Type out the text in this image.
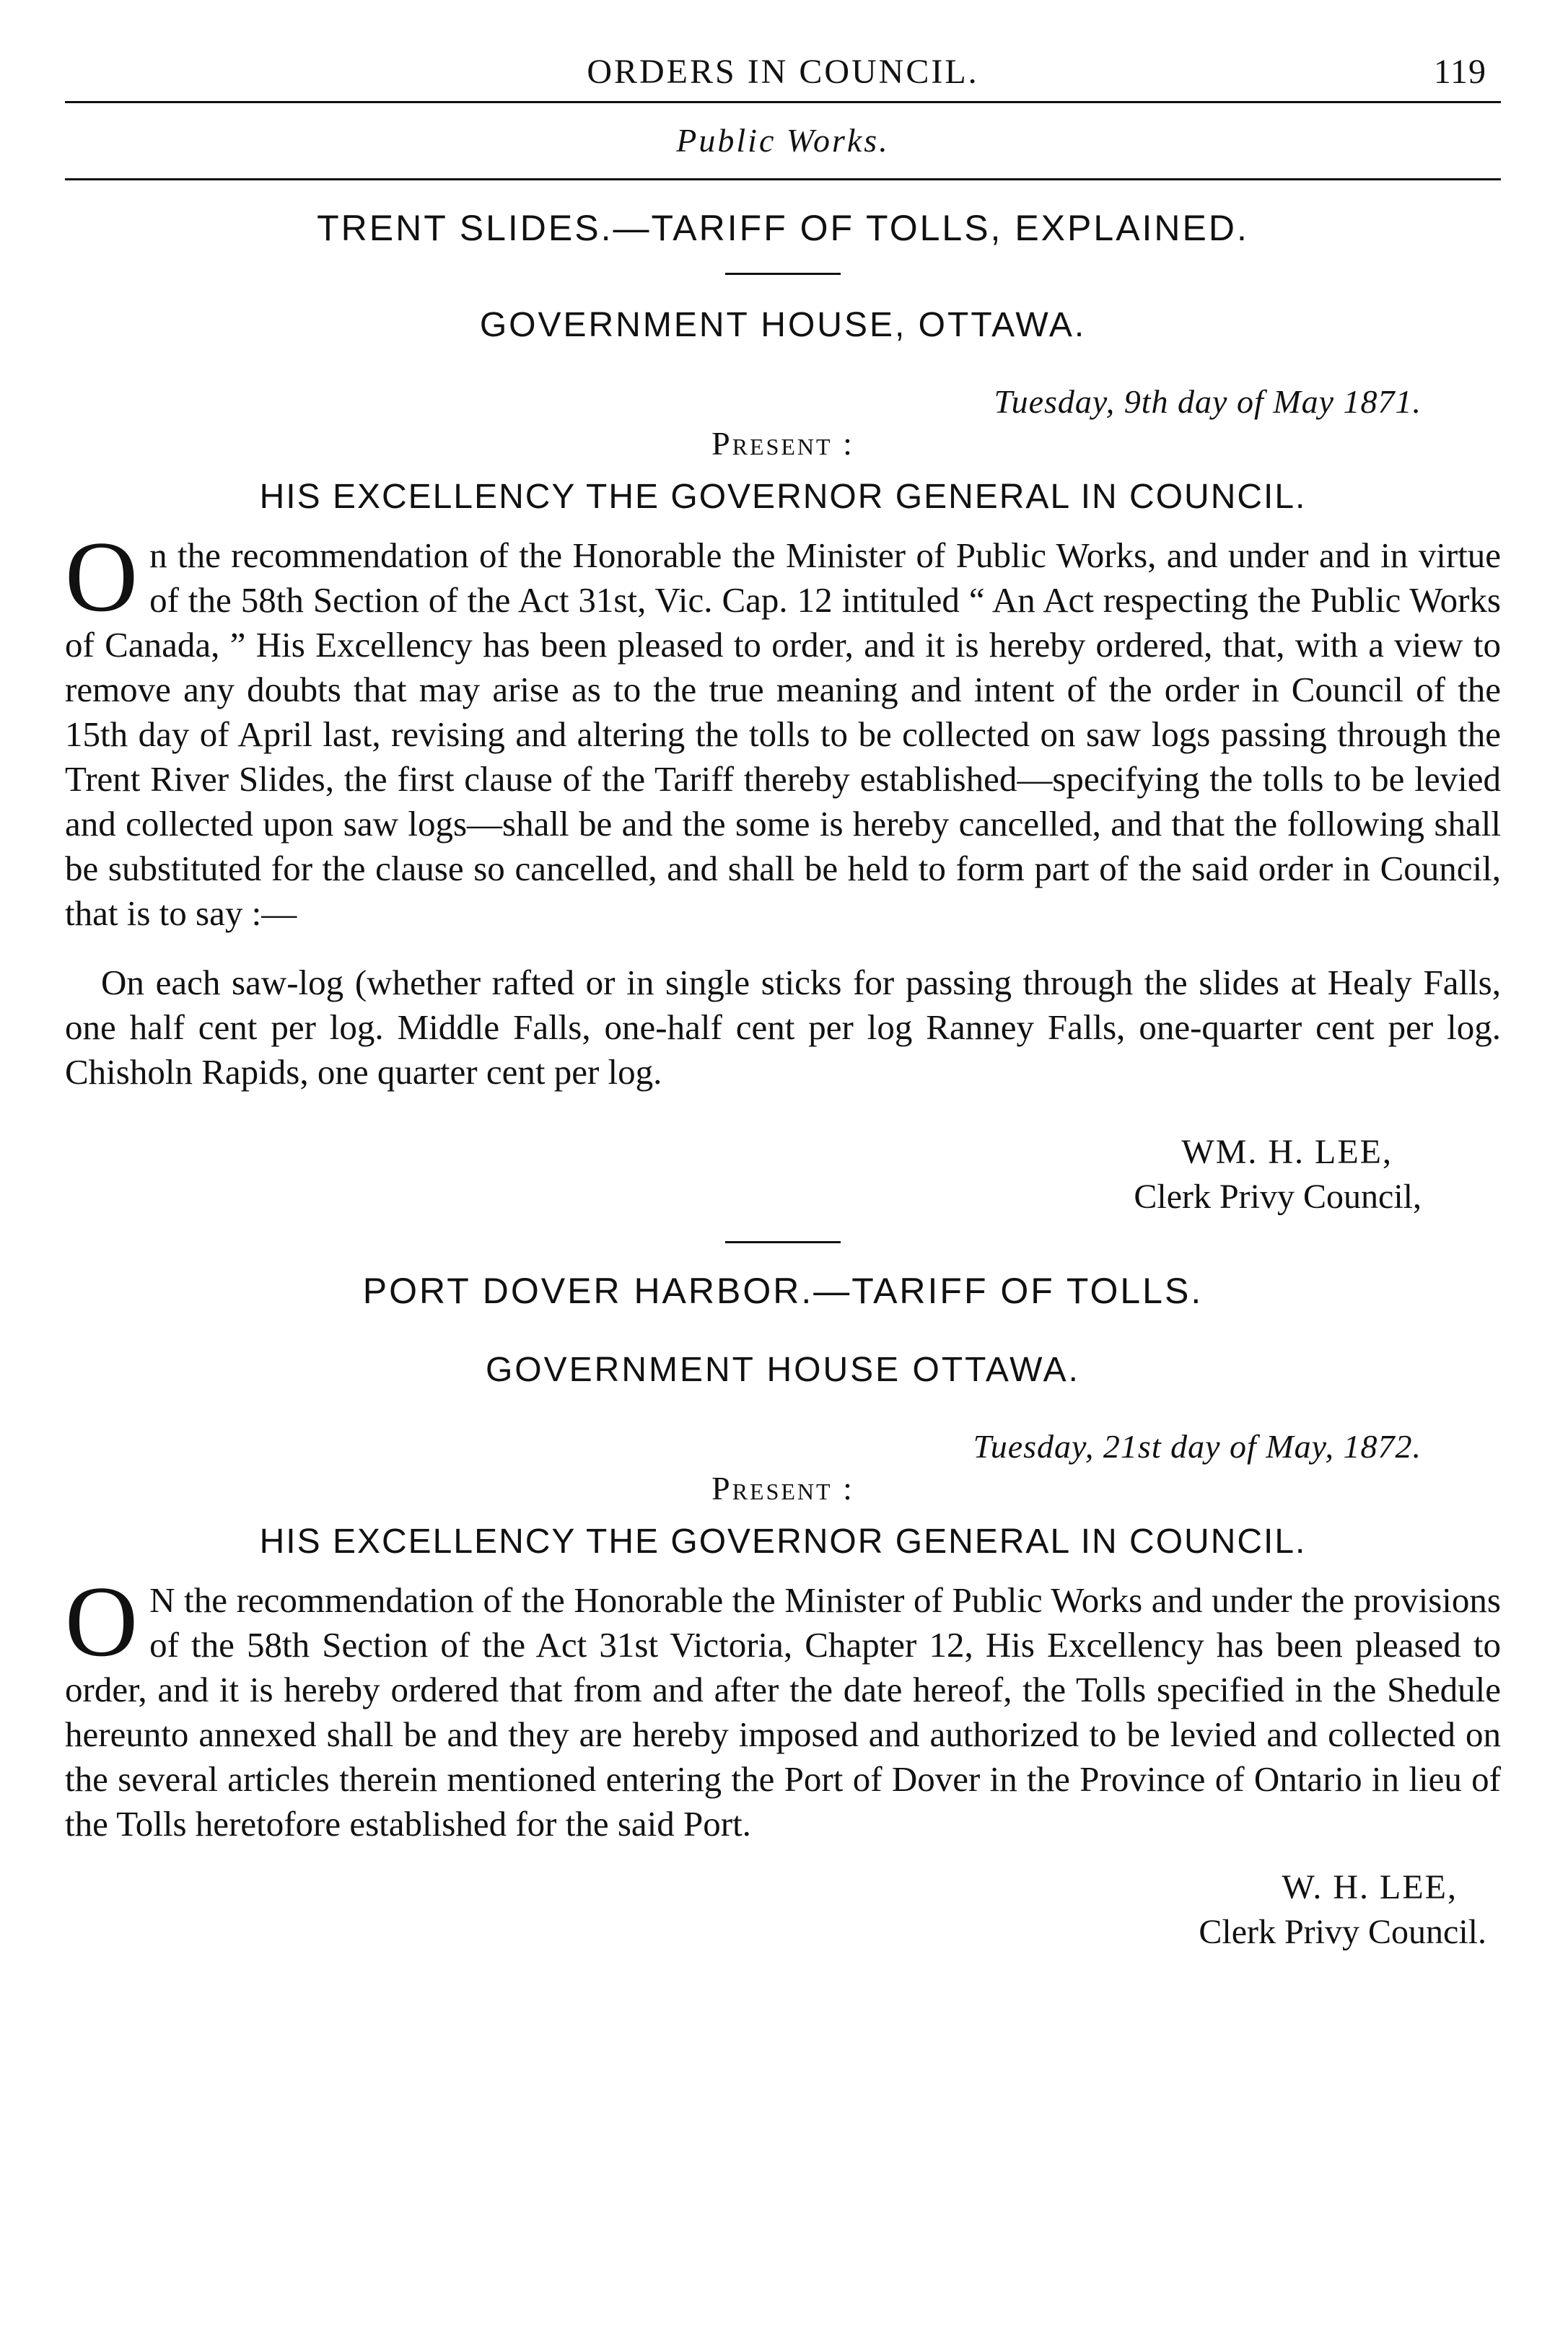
ORDERS IN COUNCIL.	119
Public Works.
TRENT SLIDES.—TARIFF OF TOLLS, EXPLAINED.
GOVERNMENT HOUSE, OTTAWA.
Tuesday, 9th day of May 1871.
Present :
HIS EXCELLENCY THE GOVERNOR GENERAL IN COUNCIL.

On the recommendation of the Honorable the Minister of Public Works, and under and in virtue of the 58th Section of the Act 31st, Vic. Cap. 12 intituled “ An Act respecting the Public Works of Canada, ” His Excellency has been pleased to order, and it is hereby ordered, that, with a view to remove any doubts that may arise as to the true meaning and intent of the order in Council of the 15th day of April last, revising and altering the tolls to be collected on saw logs passing through the Trent River Slides, the first clause of the Tariff thereby established—specifying the tolls to be levied and collected upon saw logs—shall be and the some is hereby cancelled, and that the following shall be substituted for the clause so cancelled, and shall be held to form part of the said order in Council, that is to say :—

On each saw-log (whether rafted or in single sticks for passing through the slides at Healy Falls, one half cent per log. Middle Falls, one-half cent per log Ranney Falls, one-quarter cent per log. Chisholn Rapids, one quarter cent per log.

WM. H. LEE,
Clerk Privy Council,
PORT DOVER HARBOR.—TARIFF OF TOLLS.
GOVERNMENT HOUSE OTTAWA.
Tuesday, 21st day of May, 1872.
Present :
HIS EXCELLENCY THE GOVERNOR GENERAL IN COUNCIL.

O N the recommendation of the Honorable the Minister of Public Works and under the provisions of the 58th Section of the Act 31st Victoria, Chapter 12, His Excellency has been pleased to order, and it is hereby ordered that from and after the date hereof, the Tolls specified in the Shedule hereunto annexed shall be and they are hereby imposed and authorized to be levied and collected on the several articles therein mentioned entering the Port of Dover in the Province of Ontario in lieu of the Tolls heretofore established for the said Port.

W. H. LEE,
Clerk Privy Council.
